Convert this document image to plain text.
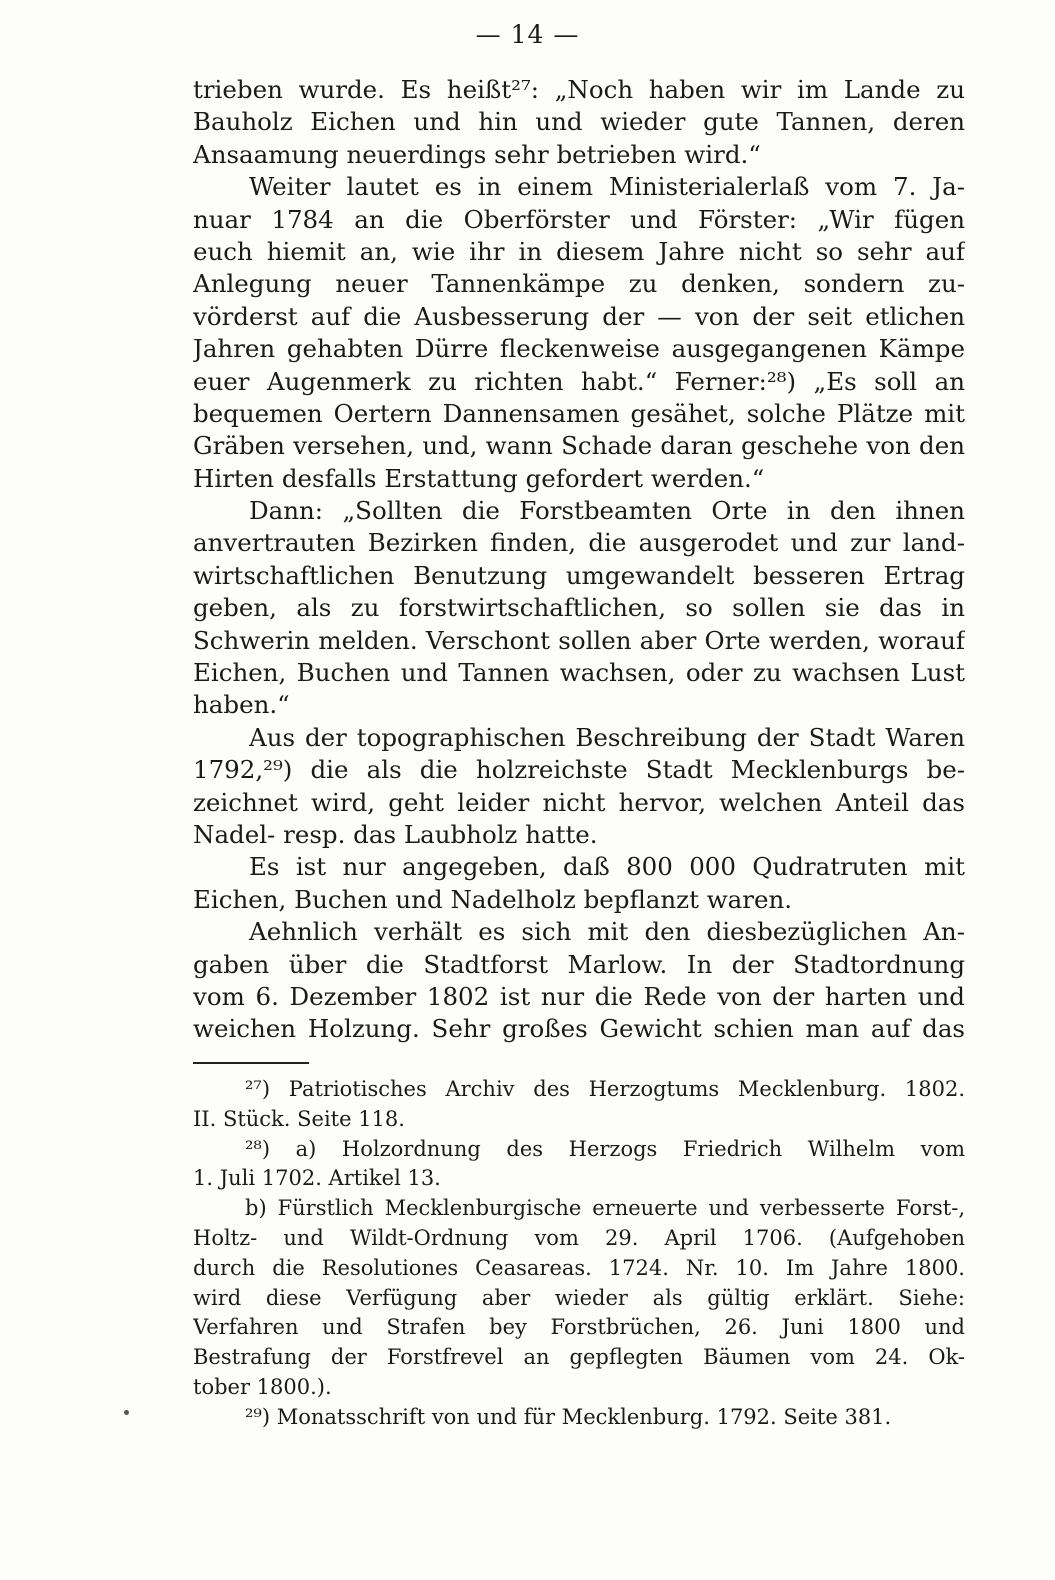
— 14 —
trieben wurde. Es heißt²⁷: „Noch haben wir im Lande zu
Bauholz Eichen und hin und wieder gute Tannen, deren
Ansaamung neuerdings sehr betrieben wird.“
Weiter lautet es in einem Ministerialerlaß vom 7. Ja-
nuar 1784 an die Oberförster und Förster: „Wir fügen
euch hiemit an, wie ihr in diesem Jahre nicht so sehr auf
Anlegung neuer Tannenkämpe zu denken, sondern zu-
vörderst auf die Ausbesserung der — von der seit etlichen
Jahren gehabten Dürre fleckenweise ausgegangenen Kämpe
euer Augenmerk zu richten habt.“ Ferner:²⁸) „Es soll an
bequemen Oertern Dannensamen gesähet, solche Plätze mit
Gräben versehen, und, wann Schade daran geschehe von den
Hirten desfalls Erstattung gefordert werden.“
Dann: „Sollten die Forstbeamten Orte in den ihnen
anvertrauten Bezirken finden, die ausgerodet und zur land-
wirtschaftlichen Benutzung umgewandelt besseren Ertrag
geben, als zu forstwirtschaftlichen, so sollen sie das in
Schwerin melden. Verschont sollen aber Orte werden, worauf
Eichen, Buchen und Tannen wachsen, oder zu wachsen Lust
haben.“
Aus der topographischen Beschreibung der Stadt Waren
1792,²⁹) die als die holzreichste Stadt Mecklenburgs be-
zeichnet wird, geht leider nicht hervor, welchen Anteil das
Nadel- resp. das Laubholz hatte.
Es ist nur angegeben, daß 800 000 Qudratruten mit
Eichen, Buchen und Nadelholz bepflanzt waren.
Aehnlich verhält es sich mit den diesbezüglichen An-
gaben über die Stadtforst Marlow. In der Stadtordnung
vom 6. Dezember 1802 ist nur die Rede von der harten und
weichen Holzung. Sehr großes Gewicht schien man auf das
²⁷) Patriotisches Archiv des Herzogtums Mecklenburg. 1802.
II. Stück. Seite 118.
²⁸) a) Holzordnung des Herzogs Friedrich Wilhelm vom
1. Juli 1702. Artikel 13.
b) Fürstlich Mecklenburgische erneuerte und verbesserte Forst-,
Holtz- und Wildt-Ordnung vom 29. April 1706. (Aufgehoben
durch die Resolutiones Ceasareas. 1724. Nr. 10. Im Jahre 1800.
wird diese Verfügung aber wieder als gültig erklärt. Siehe:
Verfahren und Strafen bey Forstbrüchen, 26. Juni 1800 und
Bestrafung der Forstfrevel an gepflegten Bäumen vom 24. Ok-
tober 1800.).
²⁹) Monatsschrift von und für Mecklenburg. 1792. Seite 381.
